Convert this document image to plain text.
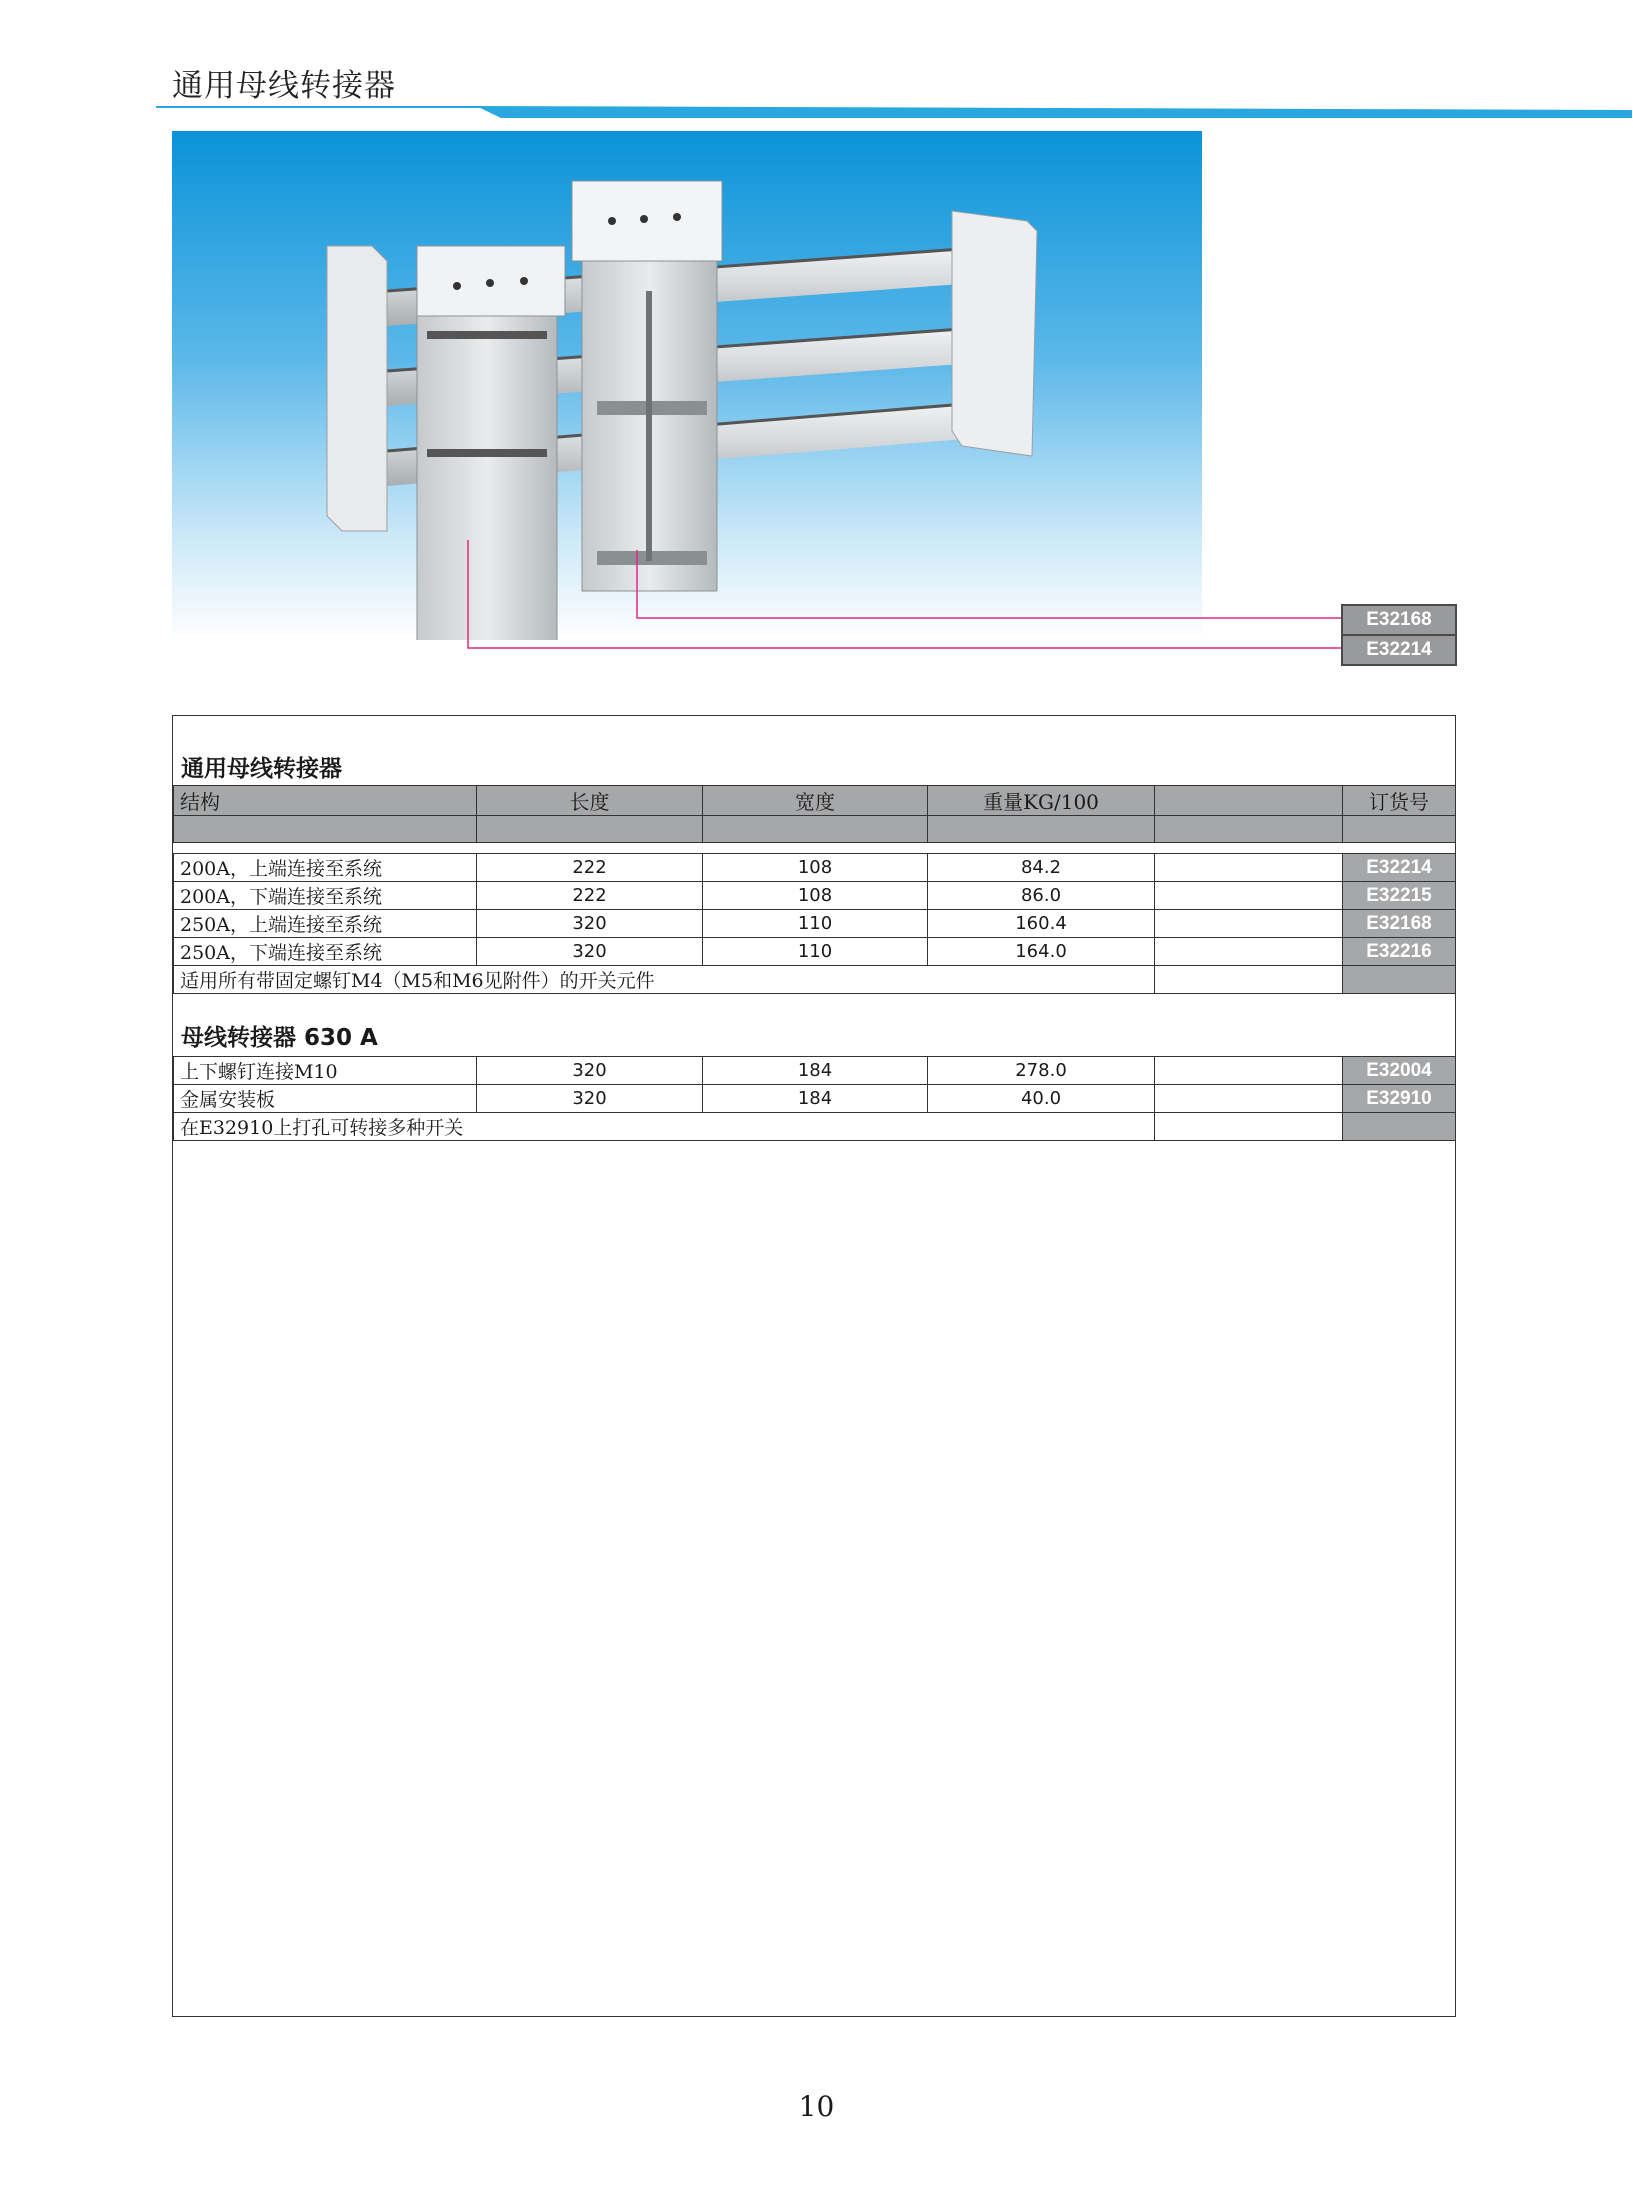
通用母线转接器
E32168
E32214
通用母线转接器
结构	长度	宽度	重量KG/100		订货号

200A，上端连接至系统	222	108	84.2		E32214
200A，下端连接至系统	222	108	86.0		E32215
250A，上端连接至系统	320	110	160.4		E32168
250A，下端连接至系统	320	110	164.0		E32216
适用所有带固定螺钉M4（M5和M6见附件）的开关元件					
母线转接器 630 A
上下螺钉连接M10	320	184	278.0		E32004
金属安装板	320	184	40.0		E32910
在E32910上打孔可转接多种开关					
10
